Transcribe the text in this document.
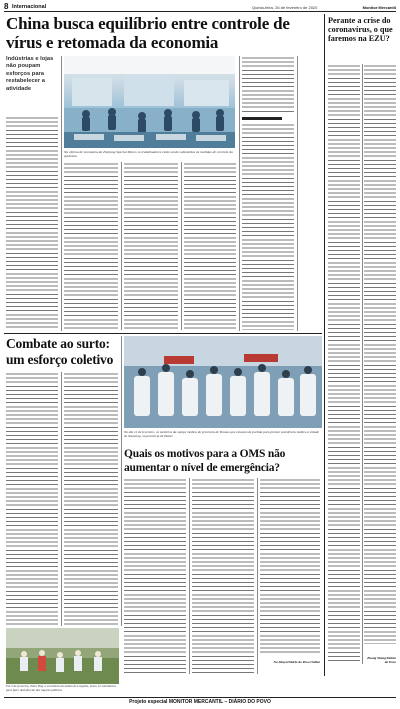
8 Internacional	Quinta-feira, 26 de fevereiro de 2020	Monitor Mercantil
China busca equilíbrio entre controle de vírus e retomada da economia
Indústrias e lojas não poupam esforços para restabelecer a atividade
Na oficina de montanha da Zhejiang Special Motor, os trabalhadores estão sendo submetidos às medidas de controle da epidemia
Perante a crise do coronavírus, o que faremos na EZU?
Zhong Sheng/Diário do Povo
Combate ao surto: um esforço coletivo
Em 5 de fevereiro, Zhou Ying, a secretária da aldeia de Longzhu, levou 12 voluntários para fazer desinfecção dos lugares públicos
No dia 12 de fevereiro, os membros da equipe médica do província de Yunnan que estavam de partida para prestar assistência médica à cidade de Xianning, na província de Hubei
Quais os motivos para a OMS não aumentar o nível de emergência?
Na Shuyu/Diário do Povo Online
Projeto especial MONITOR MERCANTIL – DIÁRIO DO POVO
